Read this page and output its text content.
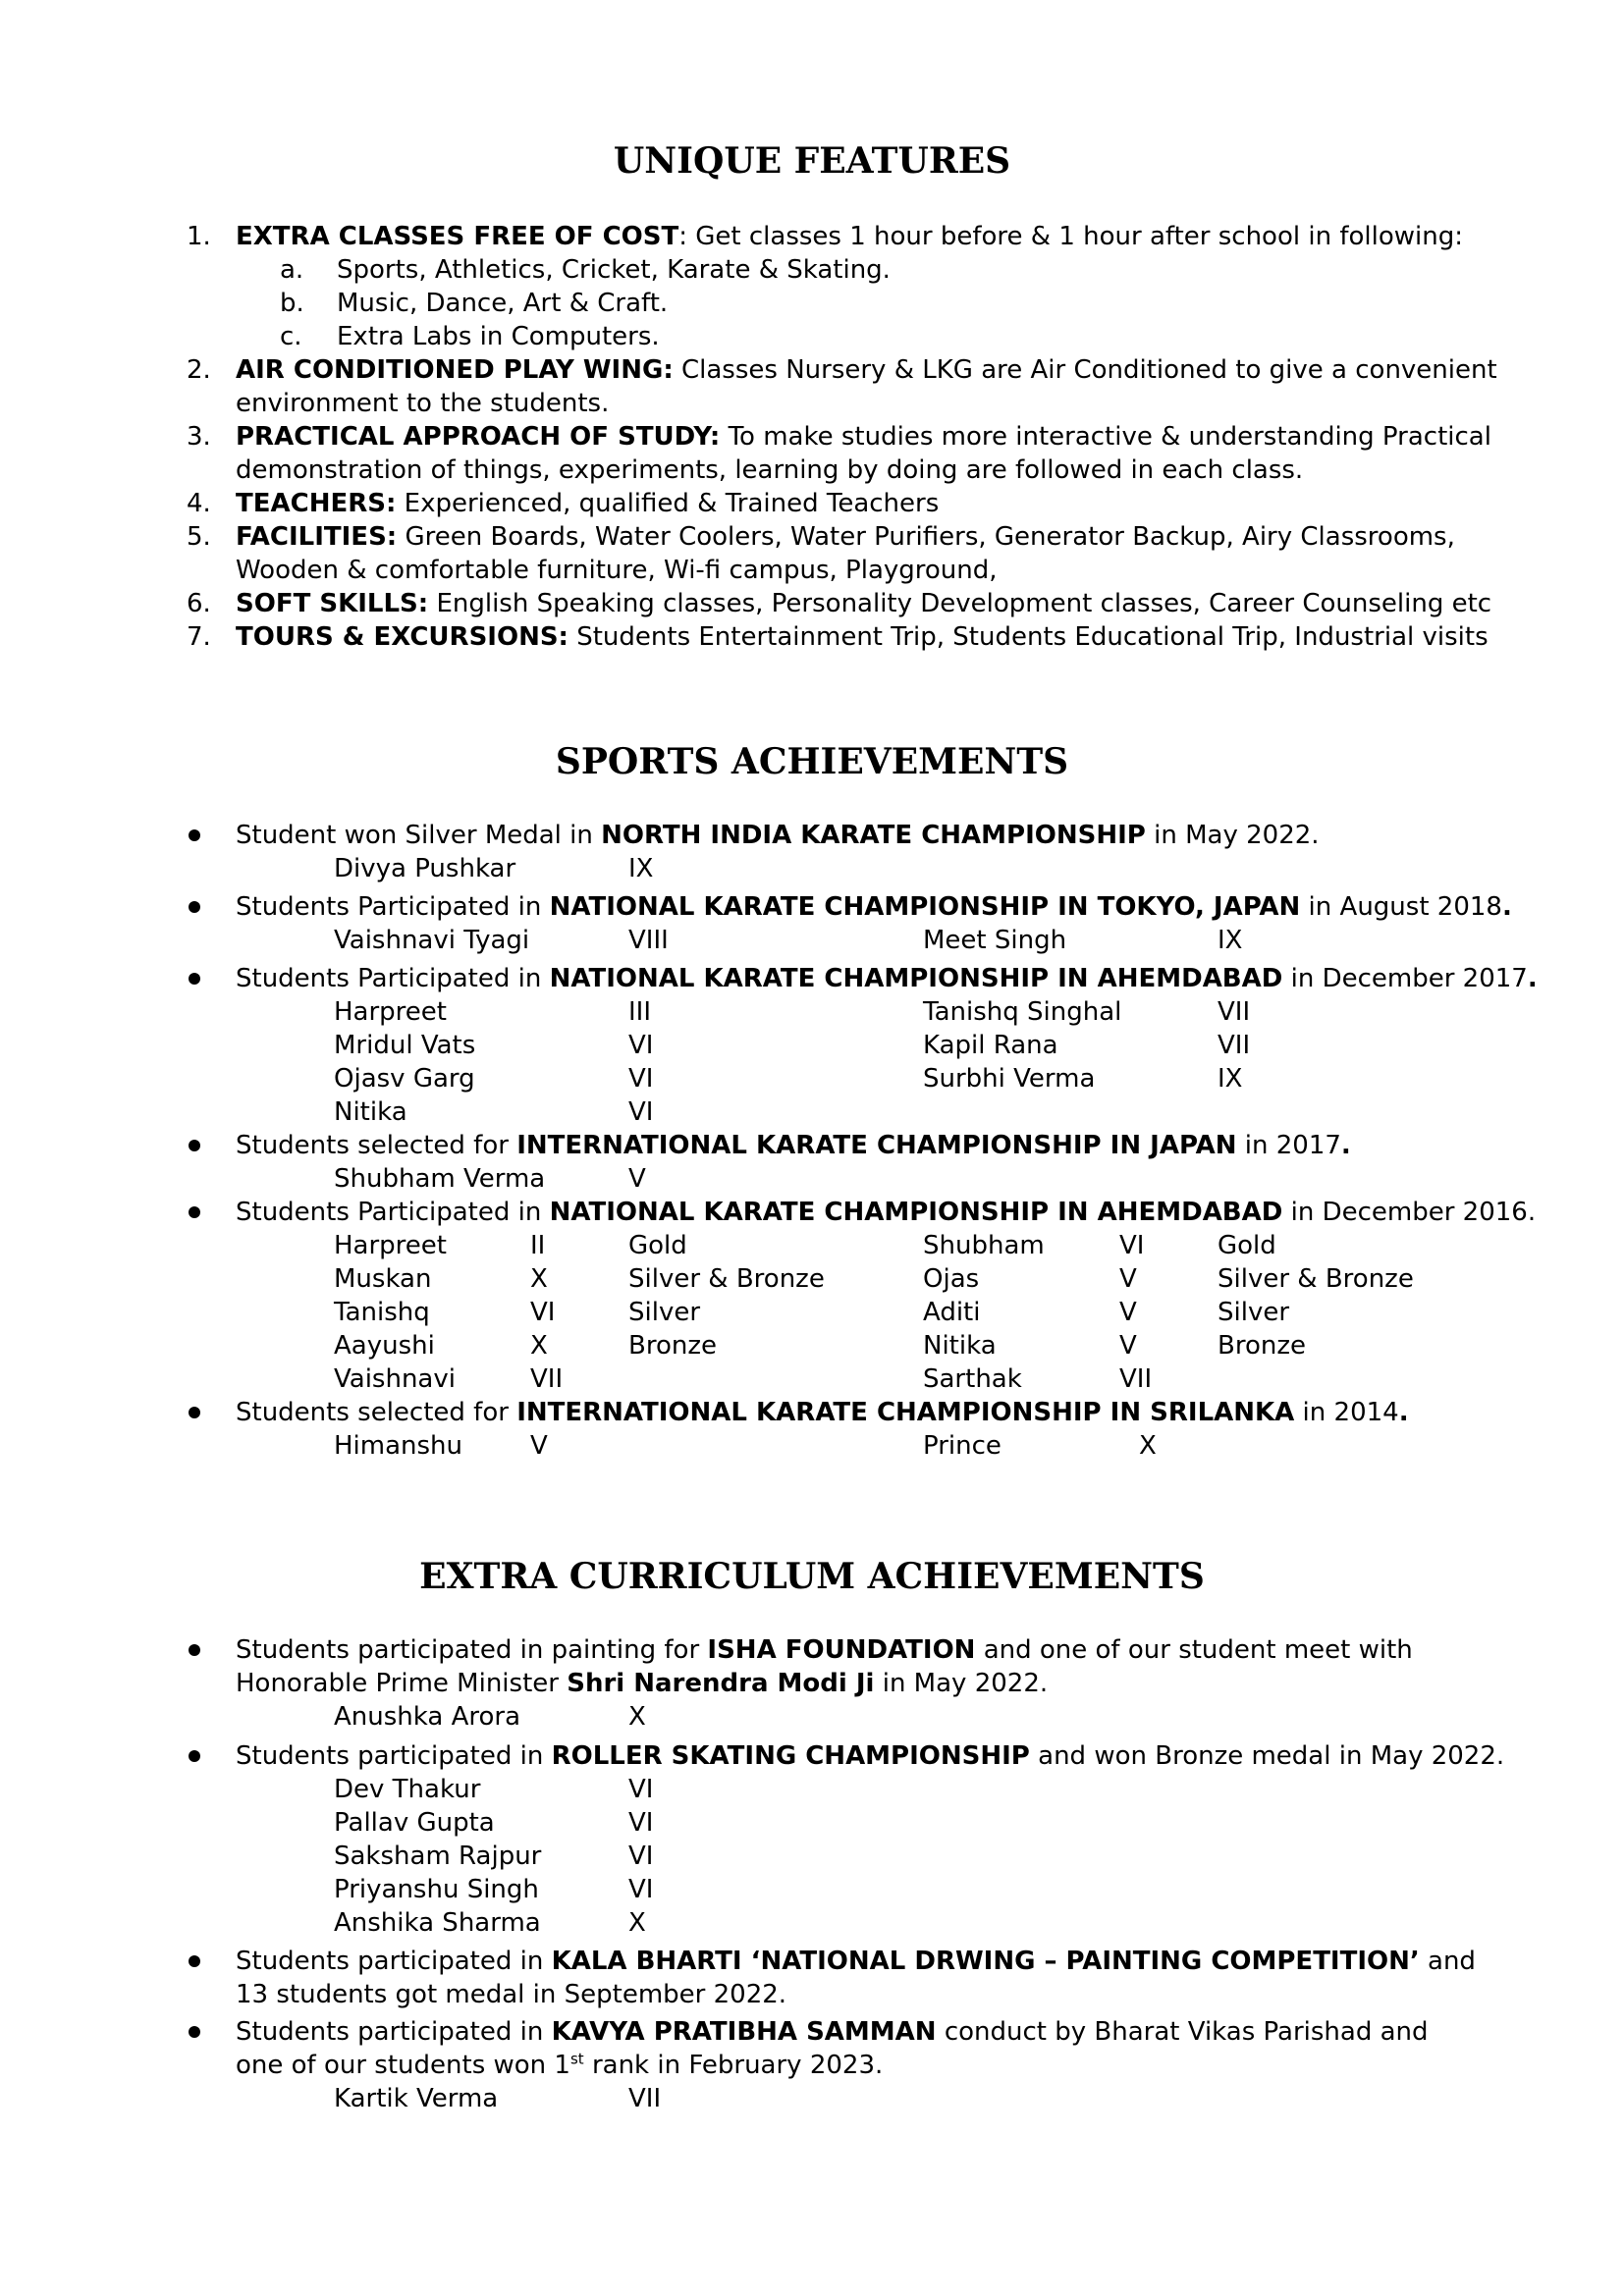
UNIQUE FEATURES
1. EXTRA CLASSES FREE OF COST: Get classes 1 hour before & 1 hour after school in following:
a.	Sports, Athletics, Cricket, Karate & Skating.
b.	Music, Dance, Art & Craft.
c.	Extra Labs in Computers.
2. AIR CONDITIONED PLAY WING: Classes Nursery & LKG are Air Conditioned to give a convenient environment to the students.
3. PRACTICAL APPROACH OF STUDY: To make studies more interactive & understanding Practical demonstration of things, experiments, learning by doing are followed in each class.
4. TEACHERS: Experienced, qualified & Trained Teachers
5. FACILITIES: Green Boards, Water Coolers, Water Purifiers, Generator Backup, Airy Classrooms, Wooden & comfortable furniture, Wi-fi campus, Playground,
6. SOFT SKILLS: English Speaking classes, Personality Development classes, Career Counseling etc
7. TOURS & EXCURSIONS: Students Entertainment Trip, Students Educational Trip, Industrial visits
SPORTS ACHIEVEMENTS
Student won Silver Medal in NORTH INDIA KARATE CHAMPIONSHIP in May 2022.
Divya Pushkar	IX
Students Participated in NATIONAL KARATE CHAMPIONSHIP IN TOKYO, JAPAN in August 2018.
Vaishnavi Tyagi	VIII	Meet Singh	IX
Students Participated in NATIONAL KARATE CHAMPIONSHIP IN AHEMDABAD in December 2017.
Harpreet	III	Tanishq Singhal	VII
Mridul Vats	VI	Kapil Rana	VII
Ojasv Garg	VI	Surbhi Verma	IX
Nitika	VI
Students selected for INTERNATIONAL KARATE CHAMPIONSHIP IN JAPAN in 2017.
Shubham Verma	V
Students Participated in NATIONAL KARATE CHAMPIONSHIP IN AHEMDABAD in December 2016.
Harpreet	II	Gold	Shubham	VI	Gold
Muskan	X	Silver & Bronze	Ojas	V	Silver & Bronze
Tanishq	VI	Silver	Aditi	V	Silver
Aayushi	X	Bronze	Nitika	V	Bronze
Vaishnavi	VII	Sarthak	VII
Students selected for INTERNATIONAL KARATE CHAMPIONSHIP IN SRILANKA in 2014.
Himanshu	V	Prince	X
EXTRA CURRICULUM ACHIEVEMENTS
Students participated in painting for ISHA FOUNDATION and one of our student meet with Honorable Prime Minister Shri Narendra Modi Ji in May 2022.
Anushka Arora	X
Students participated in ROLLER SKATING CHAMPIONSHIP and won Bronze medal in May 2022.
Dev Thakur	VI
Pallav Gupta	VI
Saksham Rajpur	VI
Priyanshu Singh	VI
Anshika Sharma	X
Students participated in KALA BHARTI ‘NATIONAL DRWING – PAINTING COMPETITION’ and 13 students got medal in September 2022.
Students participated in KAVYA PRATIBHA SAMMAN conduct by Bharat Vikas Parishad and one of our students won 1st rank in February 2023.
Kartik Verma	VII
